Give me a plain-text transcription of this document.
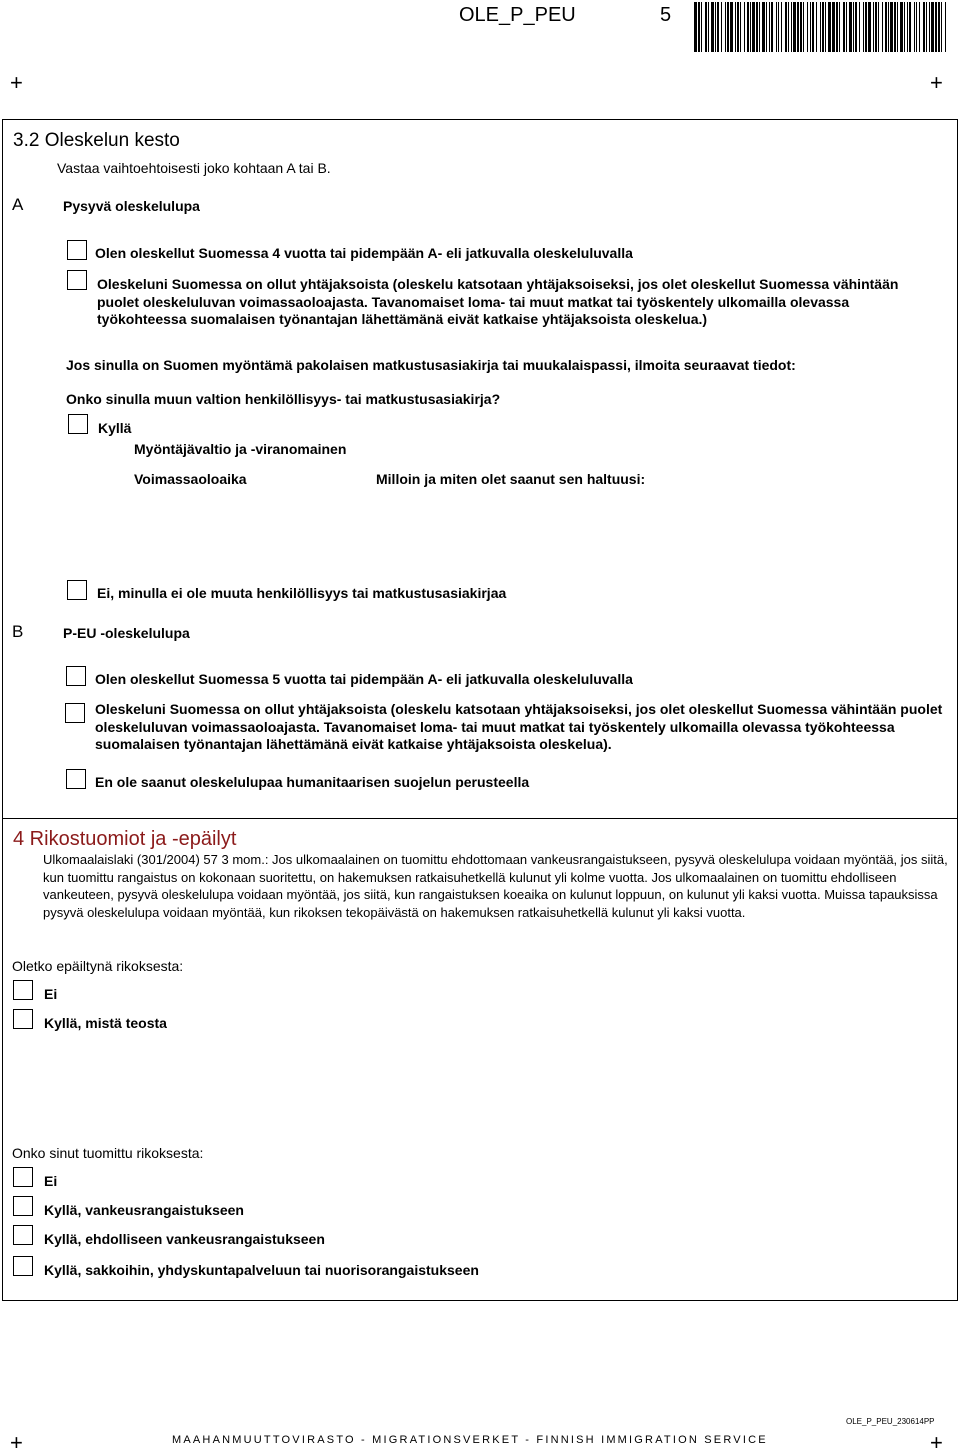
OLE_P_PEU	5
+	+
3.2 Oleskelun kesto
Vastaa vaihtoehtoisesti joko kohtaan A tai B.
A	Pysyvä oleskelulupa
Olen oleskellut Suomessa 4 vuotta tai pidempään A- eli jatkuvalla oleskeluluvalla
Oleskeluni Suomessa on ollut yhtäjaksoista (oleskelu katsotaan yhtäjaksoiseksi, jos olet oleskellut Suomessa vähintään puolet oleskeluluvan voimassaoloajasta. Tavanomaiset loma- tai muut matkat tai työskentely ulkomailla olevassa työkohteessa suomalaisen työnantajan lähettämänä eivät katkaise yhtäjaksoista oleskelua.)
Jos sinulla on Suomen myöntämä pakolaisen matkustusasiakirja tai muukalaispassi, ilmoita seuraavat tiedot:
Onko sinulla muun valtion henkilöllisyys- tai matkustusasiakirja?
Kyllä
Myöntäjävaltio ja -viranomainen
Voimassaoloaika	Milloin ja miten olet saanut sen haltuusi:
Ei, minulla ei ole muuta henkilöllisyys tai matkustusasiakirjaa
B	P-EU -oleskelulupa
Olen oleskellut Suomessa 5 vuotta tai pidempään A- eli jatkuvalla oleskeluluvalla
Oleskeluni Suomessa on ollut yhtäjaksoista (oleskelu katsotaan yhtäjaksoiseksi, jos olet oleskellut Suomessa vähintään puolet oleskeluluvan voimassaoloajasta. Tavanomaiset loma- tai muut matkat tai työskentely ulkomailla olevassa työkohteessa suomalaisen työnantajan lähettämänä eivät katkaise yhtäjaksoista oleskelua).
En ole saanut oleskelulupaa humanitaarisen suojelun perusteella
4 Rikostuomiot ja -epäilyt
Ulkomaalaislaki (301/2004) 57 3 mom.: Jos ulkomaalainen on tuomittu ehdottomaan vankeusrangaistukseen, pysyvä oleskelulupa voidaan myöntää, jos siitä, kun tuomittu rangaistus on kokonaan suoritettu, on hakemuksen ratkaisuhetkellä kulunut yli kolme vuotta. Jos ulkomaalainen on tuomittu ehdolliseen vankeuteen, pysyvä oleskelulupa voidaan myöntää, jos siitä, kun rangaistuksen koeaika on kulunut loppuun, on kulunut yli kaksi vuotta. Muissa tapauksissa pysyvä oleskelulupa voidaan myöntää, kun rikoksen tekopäivästä on hakemuksen ratkaisuhetkellä kulunut yli kaksi vuotta.
Oletko epäiltynä rikoksesta:
Ei
Kyllä, mistä teosta
Onko sinut tuomittu rikoksesta:
Ei
Kyllä, vankeusrangaistukseen
Kyllä, ehdolliseen vankeusrangaistukseen
Kyllä, sakkoihin, yhdyskuntapalveluun tai nuorisorangaistukseen
OLE_P_PEU_230614PP
+	+
MAAHANMUUTTOVIRASTO - MIGRATIONSVERKET - FINNISH IMMIGRATION SERVICE
